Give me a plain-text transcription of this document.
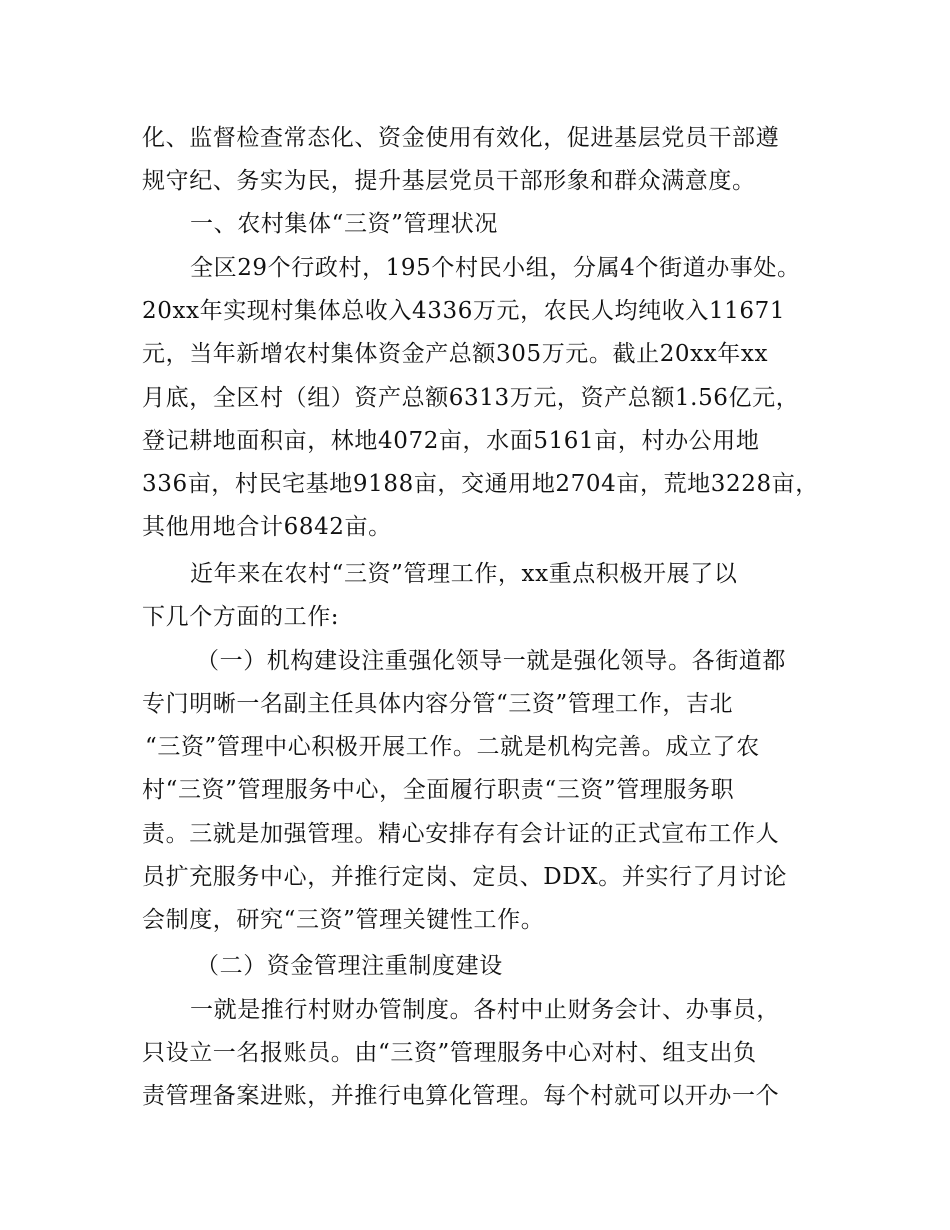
化、监督检查常态化、资金使用有效化，促进基层党员干部遵
规守纪、务实为民，提升基层党员干部形象和群众满意度。
一、农村集体“三资”管理状况
全区29个行政村，195个村民小组，分属4个街道办事处。
20xx年实现村集体总收入4336万元，农民人均纯收入11671
元，当年新增农村集体资金产总额305万元。截止20xx年xx
月底，全区村（组）资产总额6313万元，资产总额1.56亿元，
登记耕地面积亩，林地4072亩，水面5161亩，村办公用地
336亩，村民宅基地9188亩，交通用地2704亩，荒地3228亩，
其他用地合计6842亩。
近年来在农村“三资”管理工作，xx重点积极开展了以
下几个方面的工作:
（一）机构建设注重强化领导一就是强化领导。各街道都
专门明晰一名副主任具体内容分管“三资”管理工作，吉北
“三资”管理中心积极开展工作。二就是机构完善。成立了农
村“三资”管理服务中心，全面履行职责“三资”管理服务职
责。三就是加强管理。精心安排存有会计证的正式宣布工作人
员扩充服务中心，并推行定岗、定员、DDX。并实行了月讨论
会制度，研究“三资”管理关键性工作。
（二）资金管理注重制度建设
一就是推行村财办管制度。各村中止财务会计、办事员，
只设立一名报账员。由“三资”管理服务中心对村、组支出负
责管理备案进账，并推行电算化管理。每个村就可以开办一个
